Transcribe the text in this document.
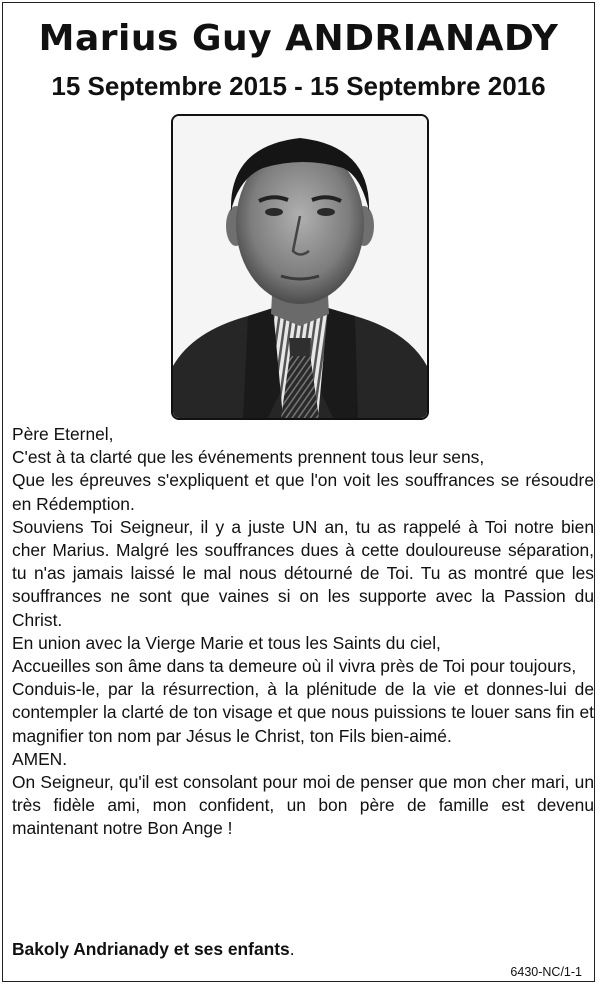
Marius Guy ANDRIANADY
15 Septembre 2015 - 15 Septembre 2016

Père Eternel,

C'est à ta clarté que les événements prennent tous leur sens,

Que les épreuves s'expliquent et que l'on voit les souffrances se résoudre en Rédemption.

Souviens Toi Seigneur, il y a juste UN an, tu as rappelé à Toi notre bien cher Marius. Malgré les souffrances dues à cette douloureuse séparation, tu n'as jamais laissé le mal nous détourné de Toi. Tu as montré que les souffrances ne sont que vaines si on les supporte avec la Passion du Christ.

En union avec la Vierge Marie et tous les Saints du ciel,

Accueilles son âme dans ta demeure où il vivra près de Toi pour toujours,

Conduis-le, par la résurrection, à la plénitude de la vie et donnes-lui de contempler la clarté de ton visage et que nous puissions te louer sans fin et magnifier ton nom par Jésus le Christ, ton Fils bien-aimé.

AMEN.

On Seigneur, qu'il est consolant pour moi de penser que mon cher mari, un très fidèle ami, mon confident, un bon père de famille est devenu maintenant notre Bon Ange !

Bakoly Andrianady et ses enfants.
6430-NC/1-1
